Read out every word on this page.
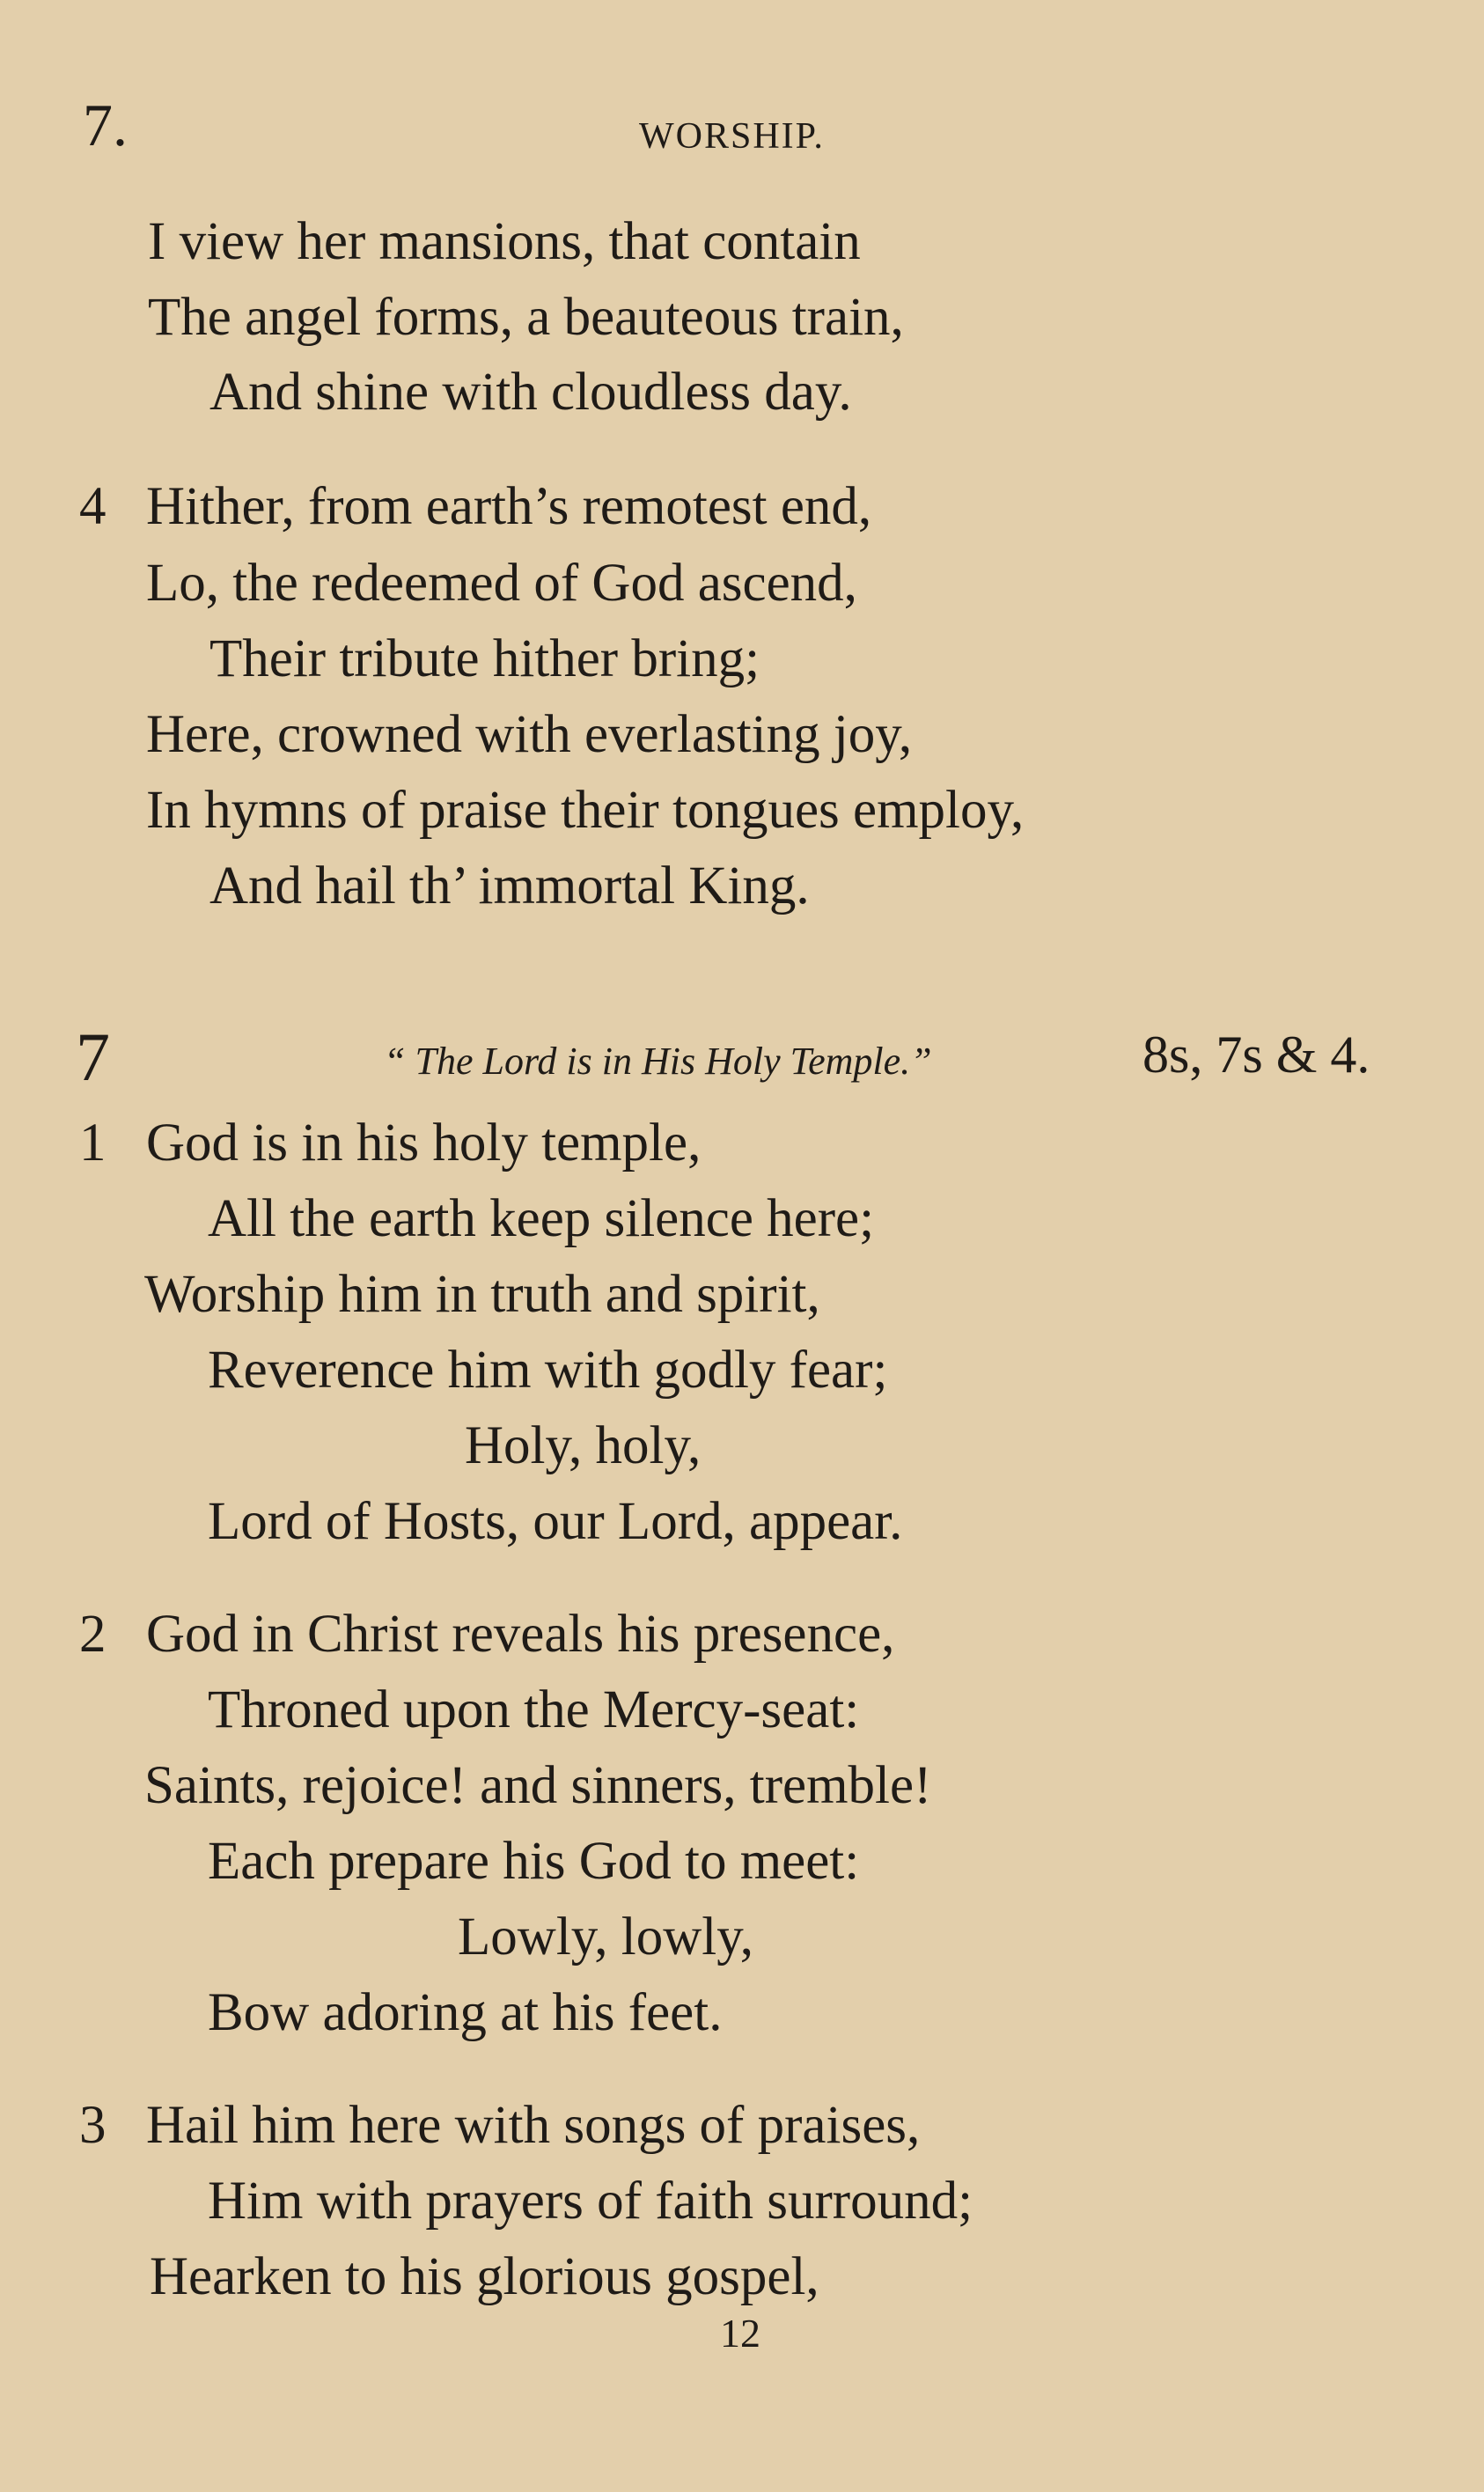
7.	WORSHIP.
I view her mansions, that contain
The angel forms, a beauteous train,
And shine with cloudless day.
4 Hither, from earth’s remotest end,
Lo, the redeemed of God ascend,
Their tribute hither bring;
Here, crowned with everlasting joy,
In hymns of praise their tongues employ,
And hail th’ immortal King.
7	“ The Lord is in His Holy Temple.”	8s, 7s & 4.
1 God is in his holy temple,
All the earth keep silence here;
Worship him in truth and spirit,
Reverence him with godly fear;
Holy, holy,
Lord of Hosts, our Lord, appear.
2 God in Christ reveals his presence,
Throned upon the Mercy-seat:
Saints, rejoice! and sinners, tremble!
Each prepare his God to meet:
Lowly, lowly,
Bow adoring at his feet.
3 Hail him here with songs of praises,
Him with prayers of faith surround;
Hearken to his glorious gospel,
12
